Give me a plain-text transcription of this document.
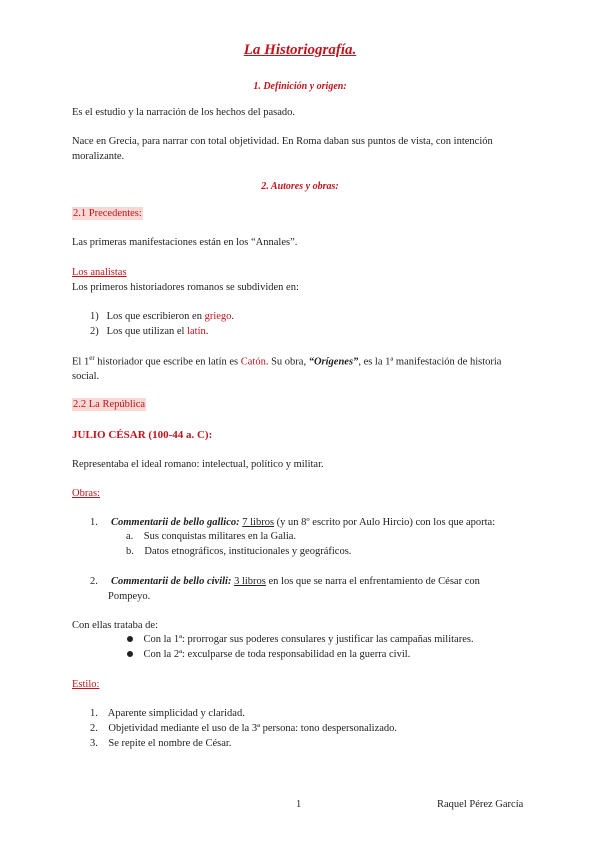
La Historiografía.
1. Definición y origen:
Es el estudio y la narración de los hechos del pasado.
Nace en Grecia, para narrar con total objetividad. En Roma daban sus puntos de vista, con intención moralizante.
2. Autores y obras:
2.1 Precedentes:
Las primeras manifestaciones están en los “Annales”.
Los analistas
Los primeros historiadores romanos se subdividen en:
1) Los que escribieron en griego.
2) Los que utilizan el latín.
El 1er historiador que escribe en latín es Catón. Su obra, “Orígenes”, es la 1ª manifestación de historia social.
2.2 La República
JULIO CÉSAR (100-44 a. C):
Representaba el ideal romano: intelectual, político y militar.
Obras:
1. Commentarii de bello gallico: 7 libros (y un 8º escrito por Aulo Hircio) con los que aporta:
a. Sus conquistas militares en la Galia.
b. Datos etnográficos, institucionales y geográficos.
2. Commentarii de bello civili: 3 libros en los que se narra el enfrentamiento de César con
Pompeyo.
Con ellas trataba de:
Con la 1ª: prorrogar sus poderes consulares y justificar las campañas militares.
Con la 2ª: exculparse de toda responsabilidad en la guerra civil.
Estilo:
1. Aparente simplicidad y claridad.
2. Objetividad mediante el uso de la 3ª persona: tono despersonalizado.
3. Se repite el nombre de César.
1	Raquel Pérez García
